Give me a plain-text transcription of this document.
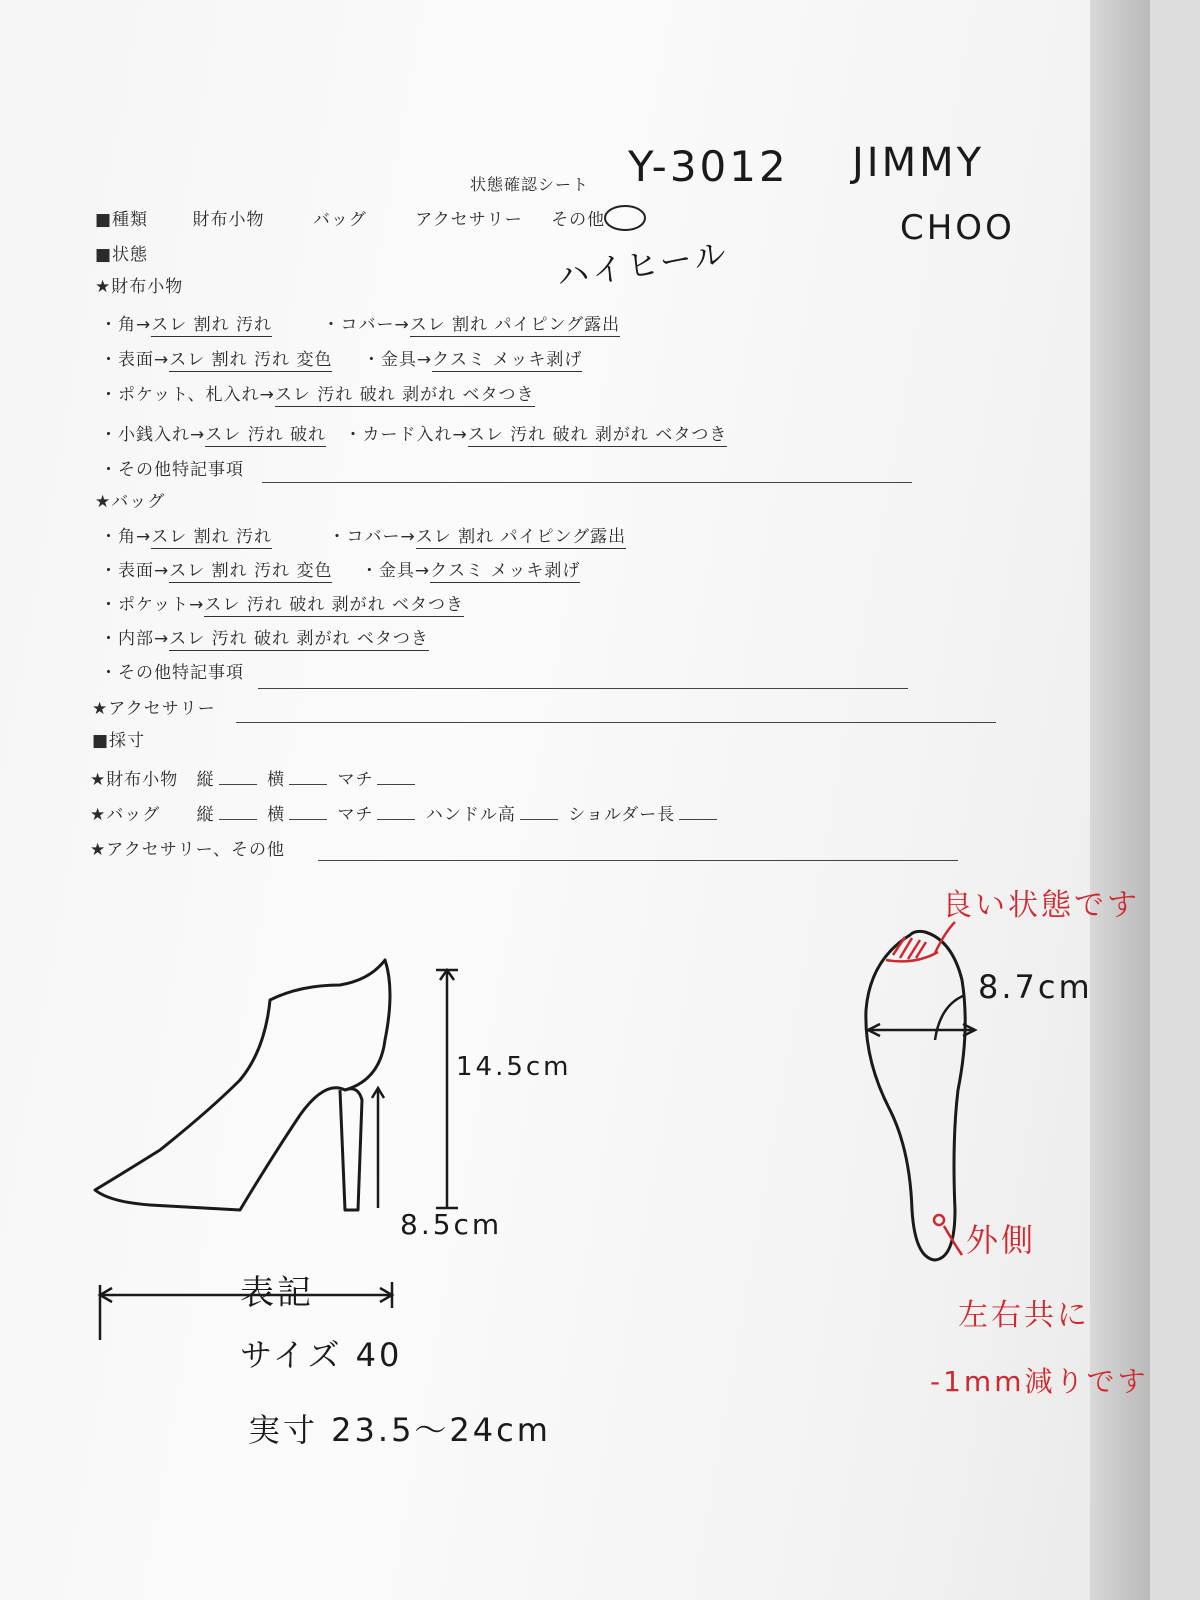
状態確認シート
■種類	財布小物	バッグ	アクセサリー その他
■状態
★財布小物
・角→スレ 割れ 汚れ	・コバー→スレ 割れ パイピング露出
・表面→スレ 割れ 汚れ 変色 ・金具→クスミ メッキ剥げ
・ポケット、札入れ→スレ 汚れ 破れ 剥がれ ベタつき
・小銭入れ→スレ 汚れ 破れ ・カード入れ→スレ 汚れ 破れ 剥がれ ベタつき
・その他特記事項
★バッグ
・角→スレ 割れ 汚れ	・コバー→スレ 割れ パイピング露出
・表面→スレ 割れ 汚れ 変色 ・金具→クスミ メッキ剥げ
・ポケット→スレ 汚れ 破れ 剥がれ ベタつき
・内部→スレ 汚れ 破れ 剥がれ ベタつき
・その他特記事項
★アクセサリー
■採寸
★財布小物 縦	横	マチ
★バッグ 縦	横	マチ	ハンドル高	ショルダー長
★アクセサリー、その他
Y-3012 JIMMY
CHOO
ハイヒール
14.5cm
8.5cm
表記
サイズ 40
実寸 23.5～24cm
8.7cm
良い状態です
外側
左右共に
-1mm減りです
